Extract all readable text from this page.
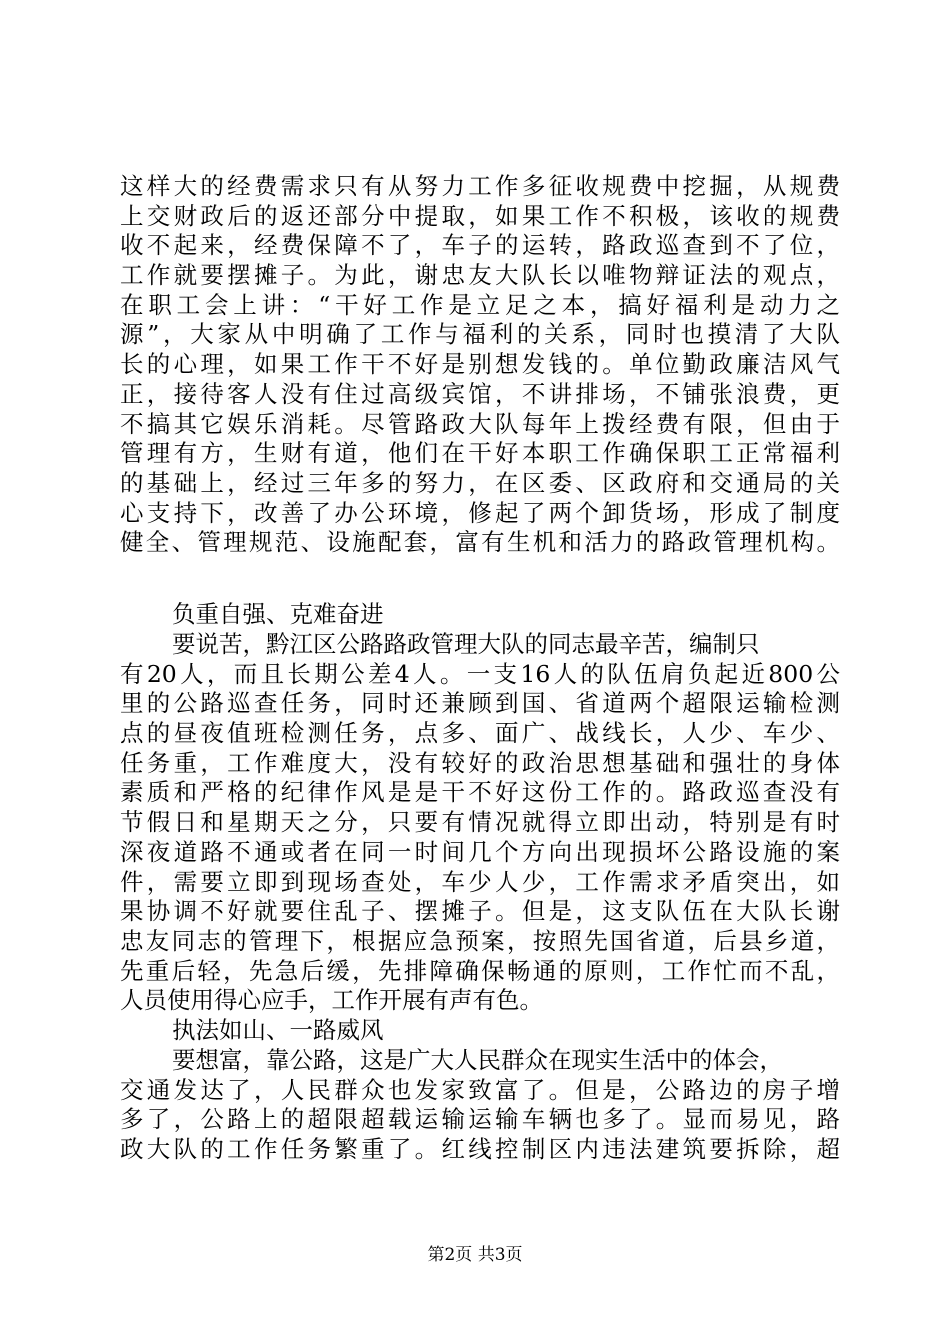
这样大的经费需求只有从努力工作多征收规费中挖掘，从规费
上交财政后的返还部分中提取，如果工作不积极，该收的规费
收不起来，经费保障不了，车子的运转，路政巡查到不了位，
工作就要摆摊子。为此，谢忠友大队长以唯物辩证法的观点，
在职工会上讲：“干好工作是立足之本，搞好福利是动力之
源”，大家从中明确了工作与福利的关系，同时也摸清了大队
长的心理，如果工作干不好是别想发钱的。单位勤政廉洁风气
正，接待客人没有住过高级宾馆，不讲排场，不铺张浪费，更
不搞其它娱乐消耗。尽管路政大队每年上拨经费有限，但由于
管理有方，生财有道，他们在干好本职工作确保职工正常福利
的基础上，经过三年多的努力，在区委、区政府和交通局的关
心支持下，改善了办公环境，修起了两个卸货场，形成了制度
健全、管理规范、设施配套，富有生机和活力的路政管理机构。
负重自强、克难奋进
要说苦，黔江区公路路政管理大队的同志最辛苦，编制只
有20人，而且长期公差4人。一支16人的队伍肩负起近800公
里的公路巡查任务，同时还兼顾到国、省道两个超限运输检测
点的昼夜值班检测任务，点多、面广、战线长，人少、车少、
任务重，工作难度大，没有较好的政治思想基础和强壮的身体
素质和严格的纪律作风是是干不好这份工作的。路政巡查没有
节假日和星期天之分，只要有情况就得立即出动，特别是有时
深夜道路不通或者在同一时间几个方向出现损坏公路设施的案
件，需要立即到现场查处，车少人少，工作需求矛盾突出，如
果协调不好就要住乱子、摆摊子。但是，这支队伍在大队长谢
忠友同志的管理下，根据应急预案，按照先国省道，后县乡道，
先重后轻，先急后缓，先排障确保畅通的原则，工作忙而不乱，
人员使用得心应手，工作开展有声有色。
执法如山、一路威风
要想富，靠公路，这是广大人民群众在现实生活中的体会，
交通发达了，人民群众也发家致富了。但是，公路边的房子增
多了，公路上的超限超载运输运输车辆也多了。显而易见，路
政大队的工作任务繁重了。红线控制区内违法建筑要拆除，超
第2页 共3页
